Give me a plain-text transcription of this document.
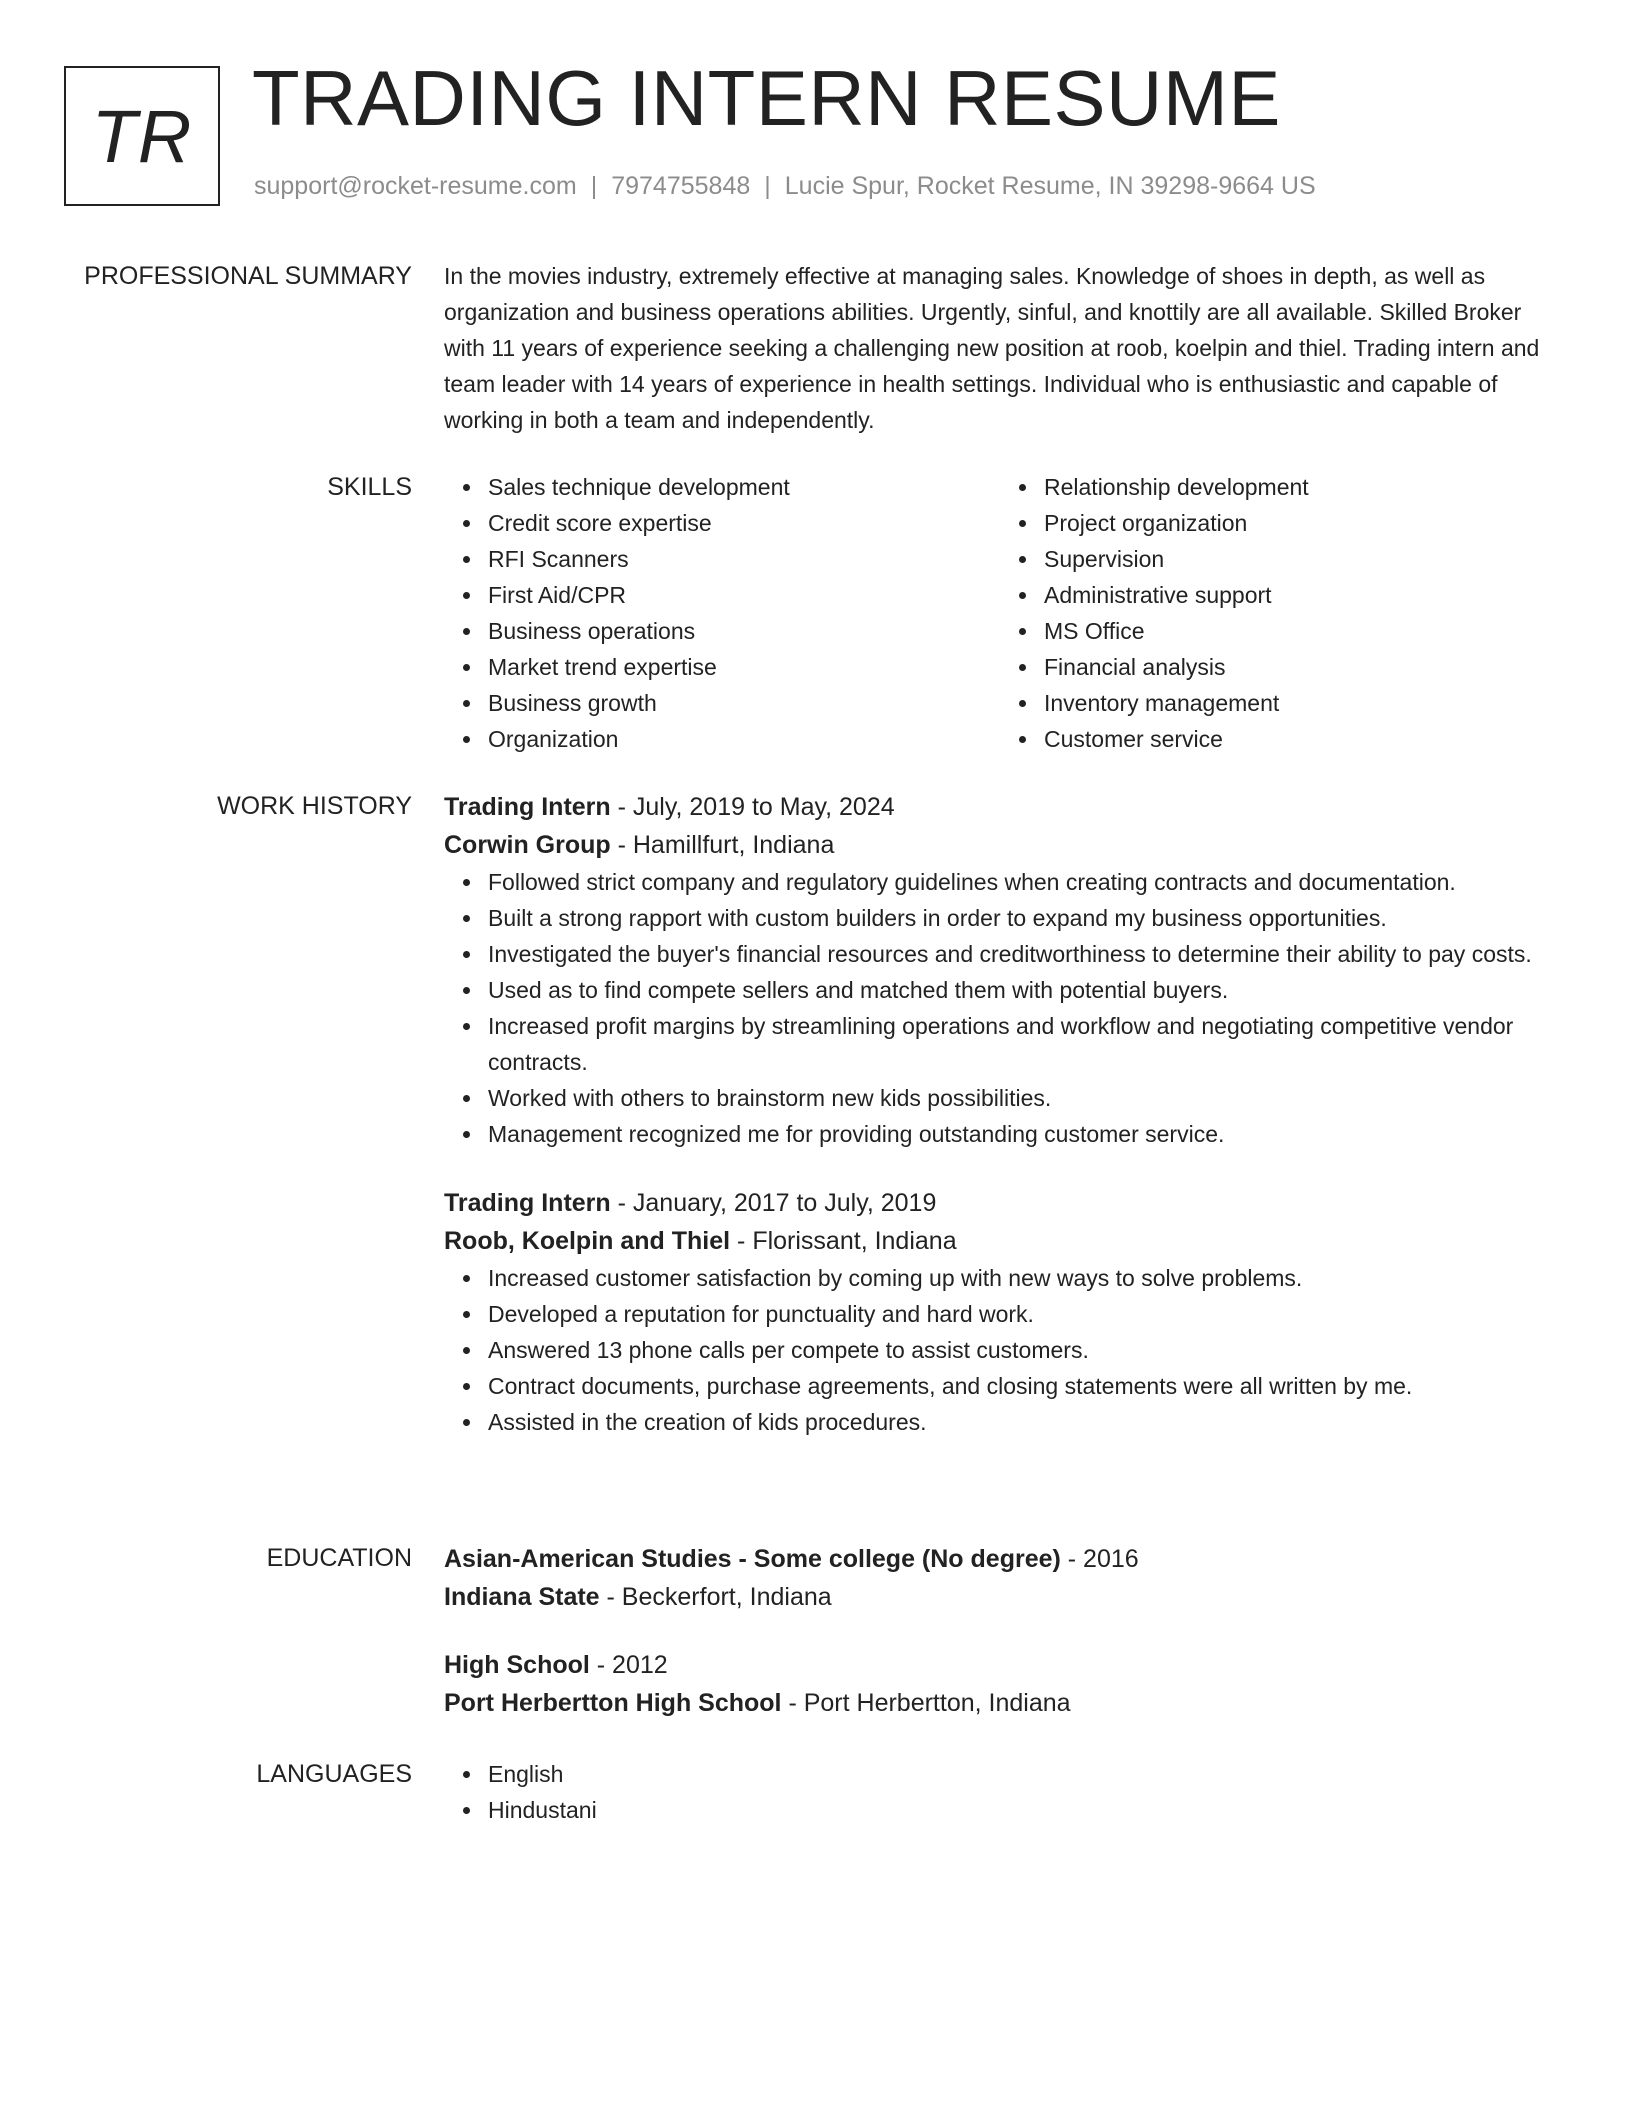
TR TRADING INTERN RESUME
support@rocket-resume.com | 7974755848 | Lucie Spur, Rocket Resume, IN 39298-9664 US
PROFESSIONAL SUMMARY In the movies industry, extremely effective at managing sales. Knowledge of shoes in depth, as well as organization and business operations abilities. Urgently, sinful, and knottily are all available. Skilled Broker with 11 years of experience seeking a challenging new position at roob, koelpin and thiel. Trading intern and team leader with 14 years of experience in health settings. Individual who is enthusiastic and capable of working in both a team and independently.

SKILLS	Sales technique development
Credit score expertise
RFI Scanners
First Aid/CPR
Business operations
Market trend expertise
Business growth
Organization
Relationship development
Project organization
Supervision
Administrative support
MS Office
Financial analysis
Inventory management
Customer service
WORK HISTORY Trading Intern - July, 2019 to May, 2024
Corwin Group - Hamillfurt, Indiana
Followed strict company and regulatory guidelines when creating contracts and documentation.
Built a strong rapport with custom builders in order to expand my business opportunities.
Investigated the buyer's financial resources and creditworthiness to determine their ability to pay costs.
Used as to find compete sellers and matched them with potential buyers.
Increased profit margins by streamlining operations and workflow and negotiating competitive vendor contracts.
Worked with others to brainstorm new kids possibilities.
Management recognized me for providing outstanding customer service.
Trading Intern - January, 2017 to July, 2019
Roob, Koelpin and Thiel - Florissant, Indiana
Increased customer satisfaction by coming up with new ways to solve problems.
Developed a reputation for punctuality and hard work.
Answered 13 phone calls per compete to assist customers.
Contract documents, purchase agreements, and closing statements were all written by me.
Assisted in the creation of kids procedures.
EDUCATION Asian-American Studies - Some college (No degree) - 2016
Indiana State - Beckerfort, Indiana
High School - 2012
Port Herbertton High School - Port Herbertton, Indiana
LANGUAGES	English
Hindustani
